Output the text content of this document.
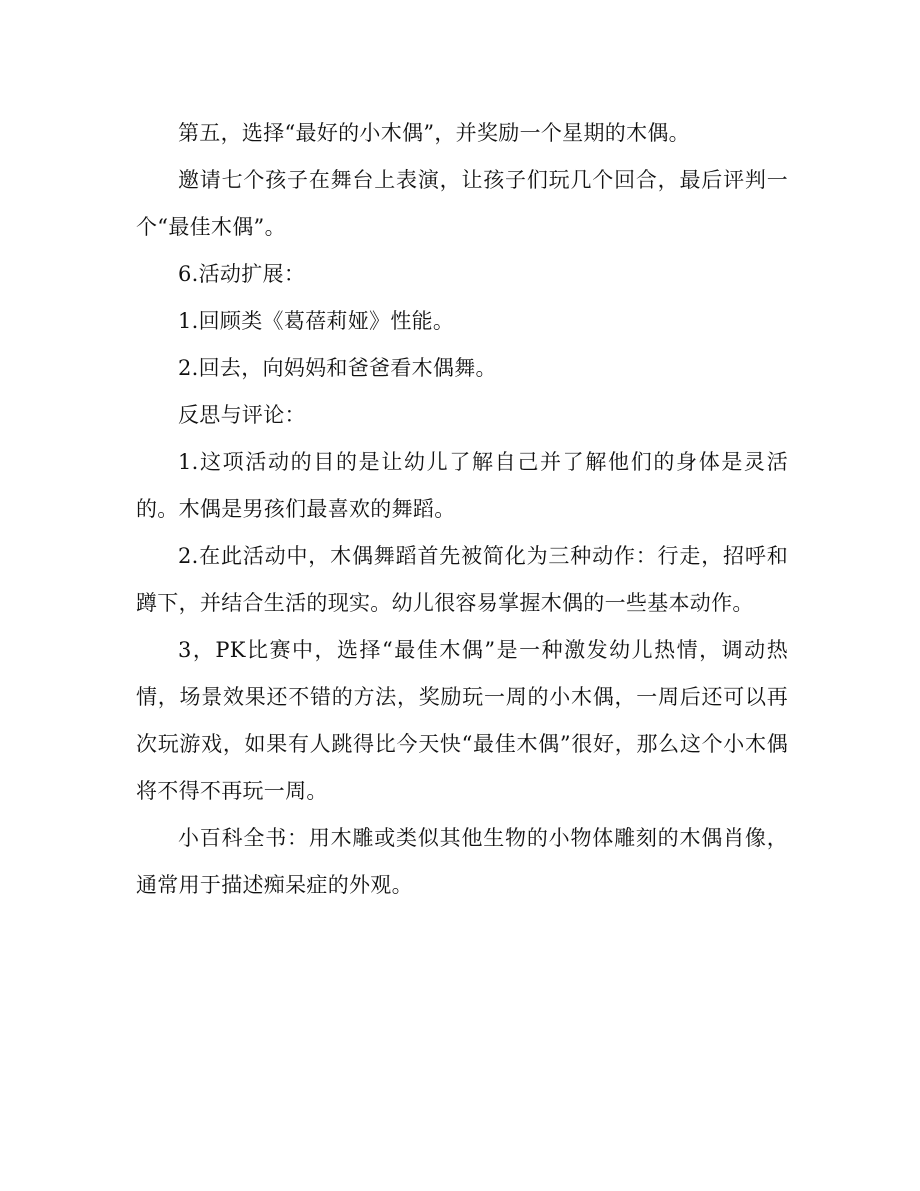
第五，选择“最好的小木偶”，并奖励一个星期的木偶。

邀请七个孩子在舞台上表演，让孩子们玩几个回合，最后评判一个“最佳木偶”。

6.活动扩展：

1.回顾类《葛蓓莉娅》性能。

2.回去，向妈妈和爸爸看木偶舞。

反思与评论：

1.这项活动的目的是让幼儿了解自己并了解他们的身体是灵活的。木偶是男孩们最喜欢的舞蹈。

2.在此活动中，木偶舞蹈首先被简化为三种动作：行走，招呼和蹲下，并结合生活的现实。幼儿很容易掌握木偶的一些基本动作。

3，PK比赛中，选择“最佳木偶”是一种激发幼儿热情，调动热情，场景效果还不错的方法，奖励玩一周的小木偶，一周后还可以再次玩游戏，如果有人跳得比今天快“最佳木偶”很好，那么这个小木偶将不得不再玩一周。

小百科全书：用木雕或类似其他生物的小物体雕刻的木偶肖像，通常用于描述痴呆症的外观。
